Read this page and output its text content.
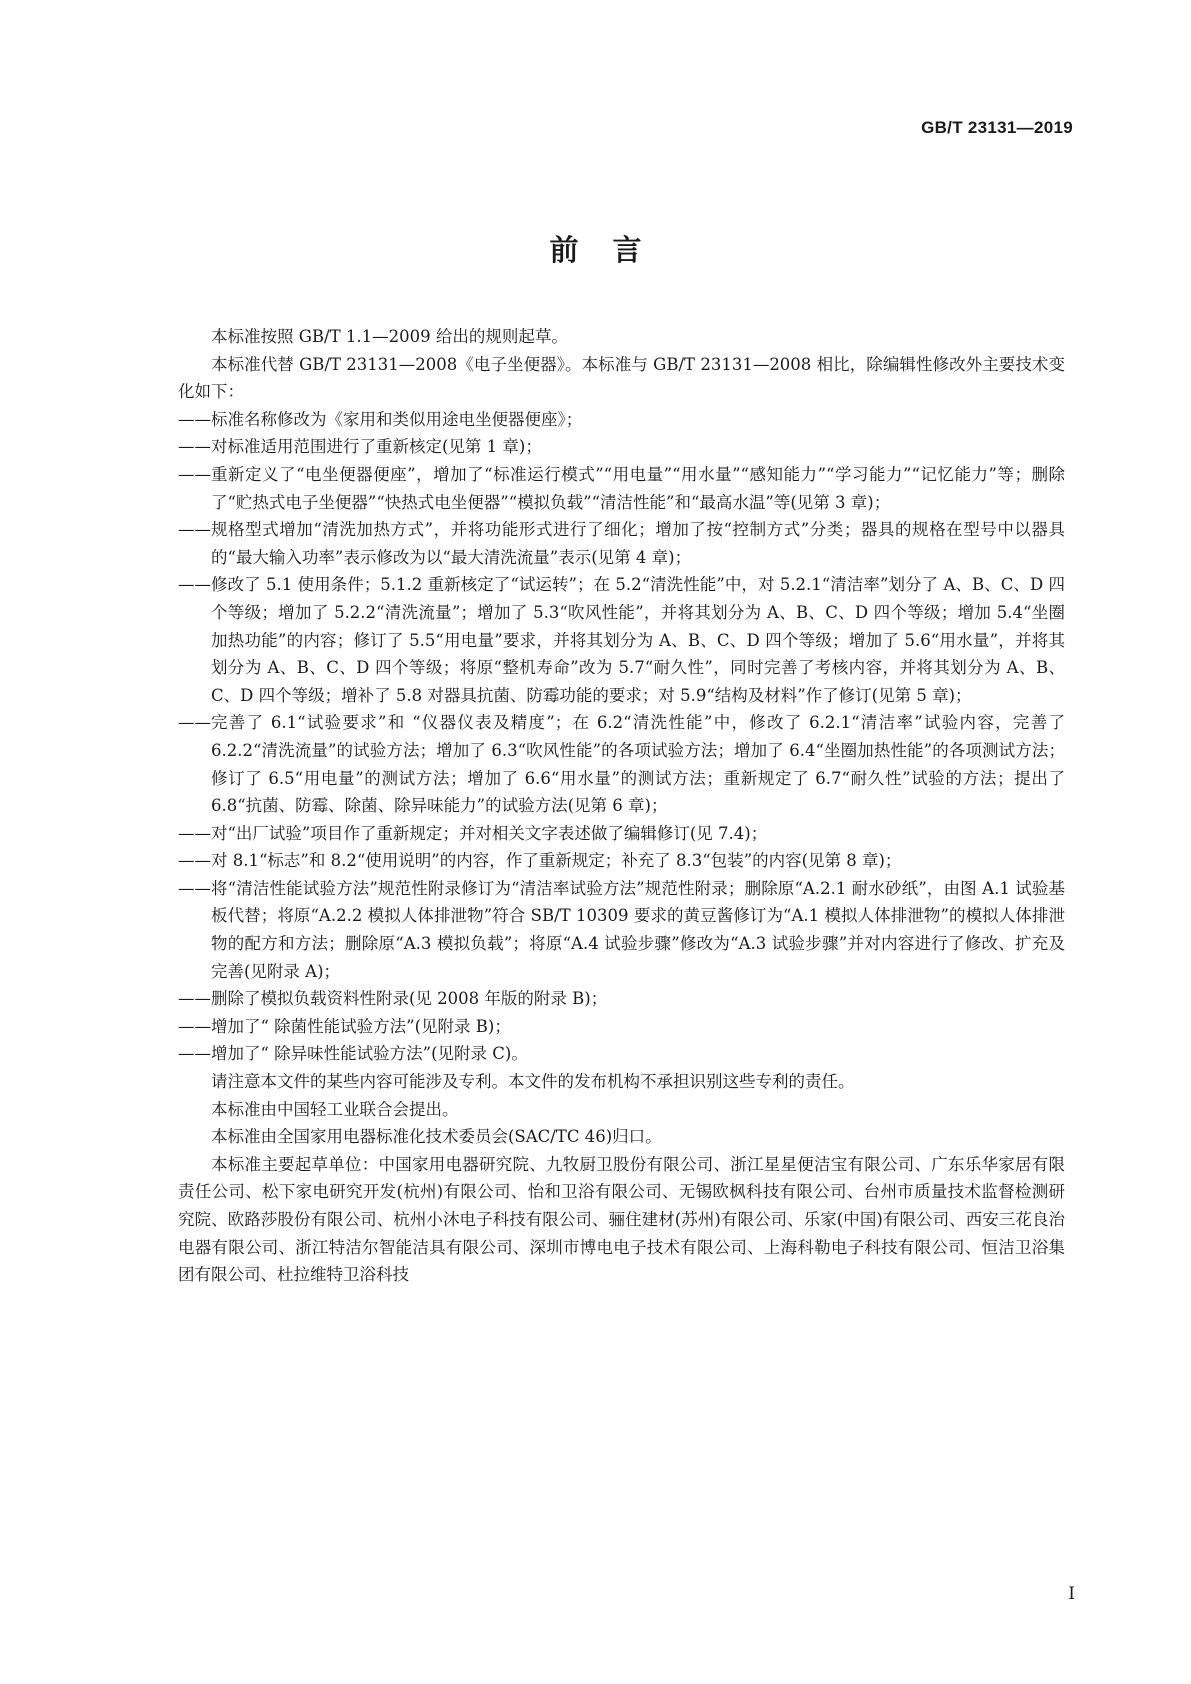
GB/T 23131—2019
前言

本标准按照 GB/T 1.1—2009 给出的规则起草。

本标准代替 GB/T 23131—2008《电子坐便器》。本标准与 GB/T 23131—2008 相比，除编辑性修改外主要技术变化如下：

—— 标准名称修改为《家用和类似用途电坐便器便座》；

—— 对标准适用范围进行了重新核定(见第 1 章)；

—— 重新定义了“电坐便器便座”，增加了“标准运行模式”“用电量”“用水量”“感知能力”“学习能力”“记忆能力”等；删除了“贮热式电子坐便器”“快热式电坐便器”“模拟负载”“清洁性能”和“最高水温”等(见第 3 章)；

—— 规格型式增加“清洗加热方式”，并将功能形式进行了细化；增加了按“控制方式”分类；器具的规格在型号中以器具的“最大输入功率”表示修改为以“最大清洗流量”表示(见第 4 章)；

—— 修改了 5.1 使用条件；5.1.2 重新核定了“试运转”；在 5.2“清洗性能”中，对 5.2.1“清洁率”划分了 A、B、C、D 四个等级；增加了 5.2.2“清洗流量”；增加了 5.3“吹风性能”，并将其划分为 A、B、C、D 四个等级；增加 5.4“坐圈加热功能”的内容；修订了 5.5“用电量”要求，并将其划分为 A、B、C、D 四个等级；增加了 5.6“用水量”，并将其划分为 A、B、C、D 四个等级；将原“整机寿命”改为 5.7“耐久性”，同时完善了考核内容，并将其划分为 A、B、C、D 四个等级；增补了 5.8 对器具抗菌、防霉功能的要求；对 5.9“结构及材料”作了修订(见第 5 章)；

—— 完善了 6.1“试验要求”和 “仪器仪表及精度”；在 6.2“清洗性能”中，修改了 6.2.1“清洁率”试验内容，完善了 6.2.2“清洗流量”的试验方法；增加了 6.3“吹风性能”的各项试验方法；增加了 6.4“坐圈加热性能”的各项测试方法；修订了 6.5“用电量”的测试方法；增加了 6.6“用水量”的测试方法；重新规定了 6.7“耐久性”试验的方法；提出了 6.8“抗菌、防霉、除菌、除异味能力”的试验方法(见第 6 章)；

—— 对“出厂试验”项目作了重新规定；并对相关文字表述做了编辑修订(见 7.4)；

—— 对 8.1“标志”和 8.2“使用说明”的内容，作了重新规定；补充了 8.3“包装”的内容(见第 8 章)；

—— 将“清洁性能试验方法”规范性附录修订为“清洁率试验方法”规范性附录；删除原“A.2.1 耐水砂纸”，由图 A.1 试验基板代替；将原“A.2.2 模拟人体排泄物”符合 SB/T 10309 要求的黄豆酱修订为“A.1 模拟人体排泄物”的模拟人体排泄物的配方和方法；删除原“A.3 模拟负载”；将原“A.4 试验步骤”修改为“A.3 试验步骤”并对内容进行了修改、扩充及完善(见附录 A)；

—— 删除了模拟负载资料性附录(见 2008 年版的附录 B)；

—— 增加了“ 除菌性能试验方法”(见附录 B)；

—— 增加了“ 除异味性能试验方法”(见附录 C)。

请注意本文件的某些内容可能涉及专利。本文件的发布机构不承担识别这些专利的责任。

本标准由中国轻工业联合会提出。

本标准由全国家用电器标准化技术委员会(SAC/TC 46)归口。

本标准主要起草单位：中国家用电器研究院、九牧厨卫股份有限公司、浙江星星便洁宝有限公司、广东乐华家居有限责任公司、松下家电研究开发(杭州)有限公司、怡和卫浴有限公司、无锡欧枫科技有限公司、台州市质量技术监督检测研究院、欧路莎股份有限公司、杭州小沐电子科技有限公司、骊住建材(苏州)有限公司、乐家(中国)有限公司、西安三花良治电器有限公司、浙江特洁尔智能洁具有限公司、深圳市博电电子技术有限公司、上海科勒电子科技有限公司、恒洁卫浴集团有限公司、杜拉维特卫浴科技

I
